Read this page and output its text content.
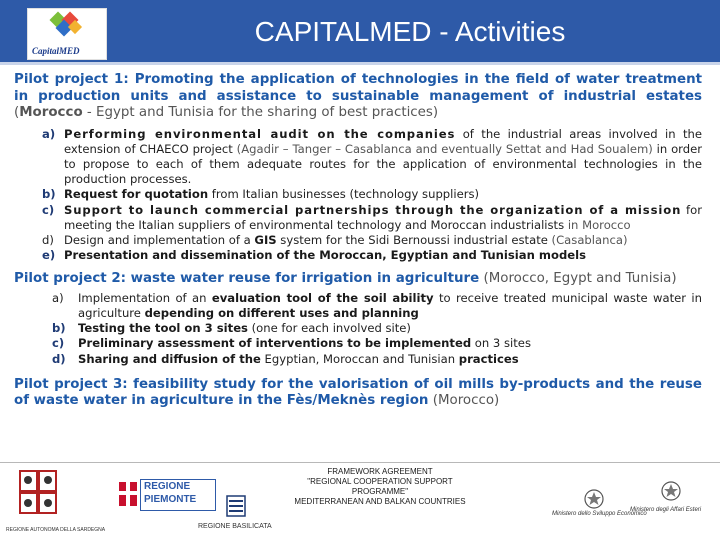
CapitalMED
CAPITALMED - Activities

Pilot project 1: Promoting the application of technologies in the field of water treatment in production units and assistance to sustainable management of industrial estates (Morocco - Egypt and Tunisia for the sharing of best practices)

a) Performing environmental audit on the companies of the industrial areas involved in the extension of CHAECO project (Agadir – Tanger – Casablanca and eventually Settat and Had Soualem) in order to propose to each of them adequate routes for the application of environmental technologies in the production processes.
b) Request for quotation from Italian businesses (technology suppliers)
c) Support to launch commercial partnerships through the organization of a mission for meeting the Italian suppliers of environmental technology and Moroccan industrialists in Morocco
d) Design and implementation of a GIS system for the Sidi Bernoussi industrial estate (Casablanca)
e) Presentation and dissemination of the Moroccan, Egyptian and Tunisian models

Pilot project 2: waste water reuse for irrigation in agriculture (Morocco, Egypt and Tunisia)

a) Implementation of an evaluation tool of the soil ability to receive treated municipal waste water in agriculture depending on different uses and planning
b) Testing the tool on 3 sites (one for each involved site)
c) Preliminary assessment of interventions to be implemented on 3 sites
d) Sharing and diffusion of the Egyptian, Moroccan and Tunisian practices

Pilot project 3: feasibility study for the valorisation of oil mills by-products and the reuse of waste water in agriculture in the Fès/Meknès region (Morocco)

REGIONE AUTONOMA DELLA SARDEGNA
REGIONE
PIEMONTE
REGIONE BASILICATA
FRAMEWORK AGREEMENT
"REGIONAL COOPERATION SUPPORT PROGRAMME"
MEDITERRANEAN AND BALKAN COUNTRIES
Ministero dello Sviluppo Economico
Ministero degli Affari Esteri
